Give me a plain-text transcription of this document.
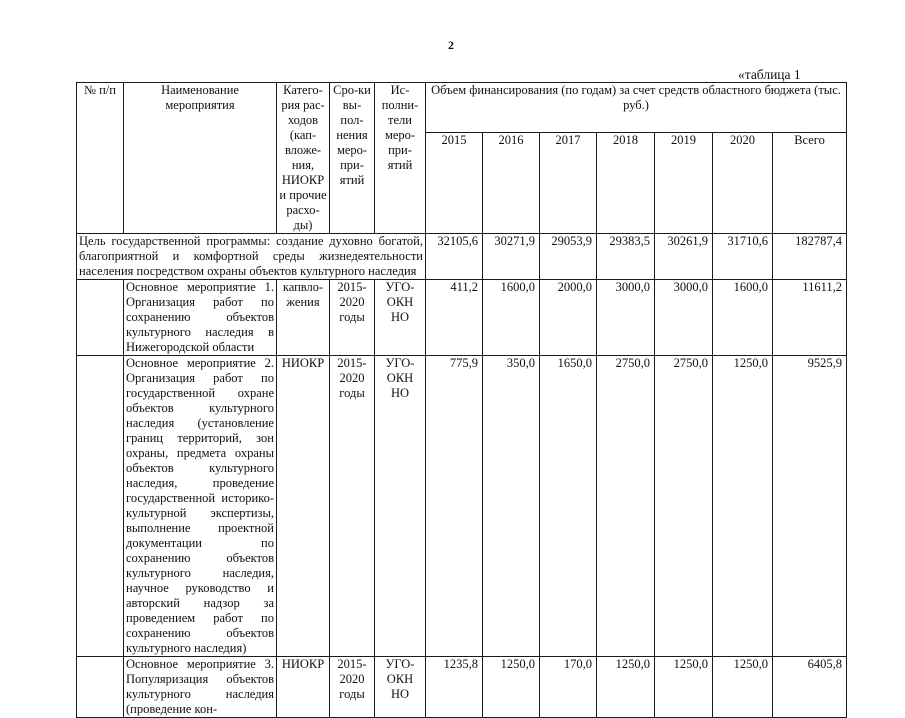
2
«таблица 1
№ п/п	Наименование мероприятия	Катего-рия рас-ходов (кап-вложе-ния, НИОКР и прочие расхо-ды)	Сро-ки вы-пол-нения меро-при-ятий	Ис-полни-тели меро-при-ятий	Объем финансирования (по годам) за счет средств областного бюджета (тыс. руб.)						
					2015	2016	2017	2018	2019	2020	Всего
Цель государственной программы: создание духовно богатой, благоприятной и комфортной среды жизнедеятельности населения посредством охраны объектов культурного наследия					32105,6	30271,9	29053,9	29383,5	30261,9	31710,6	182787,4
	Основное мероприятие 1. Организация работ по сохранению объектов культурного наследия в Нижегородской области	капвло-жения	2015-2020 годы	УГО-ОКН НО	411,2	1600,0	2000,0	3000,0	3000,0	1600,0	11611,2
	Основное мероприятие 2. Организация работ по государственной охране объектов культурного наследия (установление границ территорий, зон охраны, предмета охраны объектов культурного наследия, проведение государственной историко-культурной экспертизы, выполнение проектной документации по сохранению объектов культурного наследия, научное руководство и авторский надзор за проведением работ по сохранению объектов культурного наследия)	НИОКР	2015-2020 годы	УГО-ОКН НО	775,9	350,0	1650,0	2750,0	2750,0	1250,0	9525,9
	Основное мероприятие 3. Популяризация объектов культурного наследия (проведение кон-	НИОКР	2015-2020 годы	УГО-ОКН НО	1235,8	1250,0	170,0	1250,0	1250,0	1250,0	6405,8
